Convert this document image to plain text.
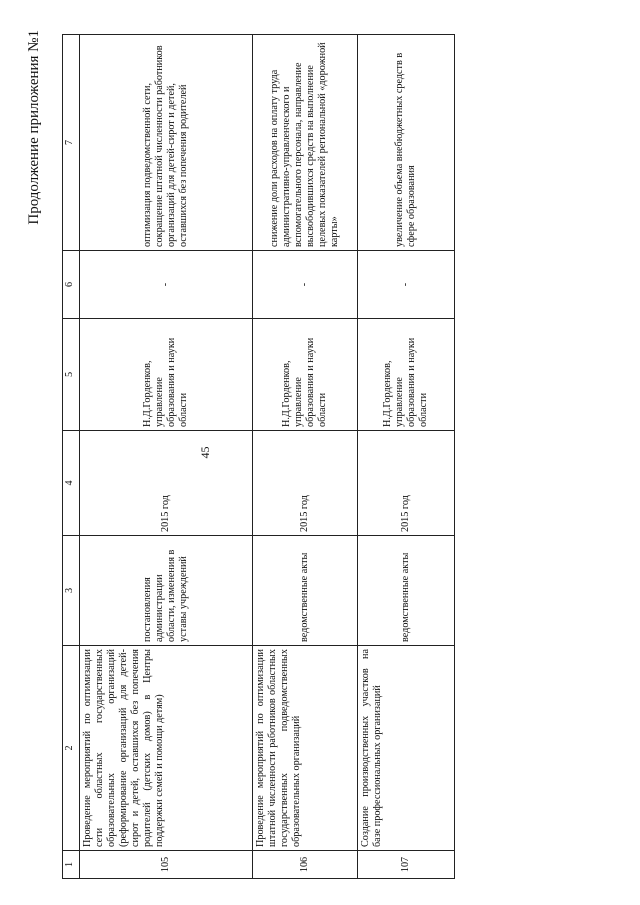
Продолжение приложения №1
45
1	2	3	4	5	6	7
105	Проведение мероприятий по оптимизации сети областных государственных образовательных организаций (реформирование организаций для детей-сирот и детей, оставшихся без попечения родителей (детских домов) в Центры поддержки семей и помощи детям)	постановления администрации области, изменения в уставы учреждений	2015 год	Н.Д.Горденков, управление образования и науки области	-	оптимизация подведомственной сети, сокращение штатной численности работников организаций для детей-сирот и детей, оставшихся без попечения родителей
106	Проведение мероприятий по оптимизации штатной численности работников областных государственных подведомственных образовательных организаций	ведомственные акты	2015 год	Н.Д.Горденков, управление образования и науки области	-	снижение доли расходов на оплату труда административно-управленческого и вспомогательного персонала, направление высвободившихся средств на выполнение целевых показателей региональной «дорожной карты»
107	Создание производственных участков на базе профессиональных организаций	ведомственные акты	2015 год	Н.Д.Горденков, управление образования и науки области	-	увеличение объема внебюджетных средств в сфере образования
